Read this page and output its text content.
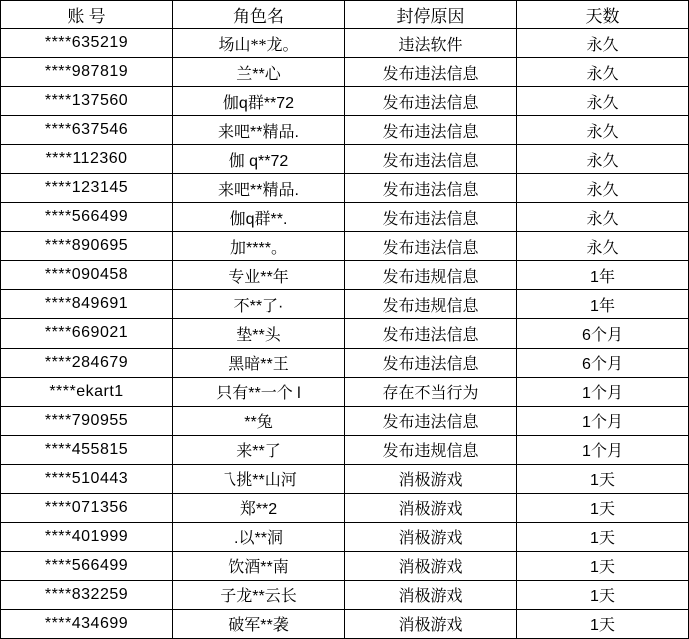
账 号	角色名	封停原因	天数
****635219	场山**龙。	违法软件	永久
****987819	兰**心	发布违法信息	永久
****137560	伽q群**72	发布违法信息	永久
****637546	来吧**精品.	发布违法信息	永久
****112360	伽 q**72	发布违法信息	永久
****123145	来吧**精品.	发布违法信息	永久
****566499	伽q群**.	发布违法信息	永久
****890695	加****。	发布违法信息	永久
****090458	专业**年	发布违规信息	1年
****849691	不**了·	发布违规信息	1年
****669021	垫**头	发布违法信息	6个月
****284679	黑暗**王	发布违法信息	6个月
****ekart1	只有**一个 l	存在不当行为	1个月
****790955	**兔	发布违法信息	1个月
****455815	来**了	发布违规信息	1个月
****510443	乁挑**山河	消极游戏	1天
****071356	郑**2	消极游戏	1天
****401999	.以**洞	消极游戏	1天
****566499	饮酒**南	消极游戏	1天
****832259	子龙**云长	消极游戏	1天
****434699	破军**袭	消极游戏	1天
